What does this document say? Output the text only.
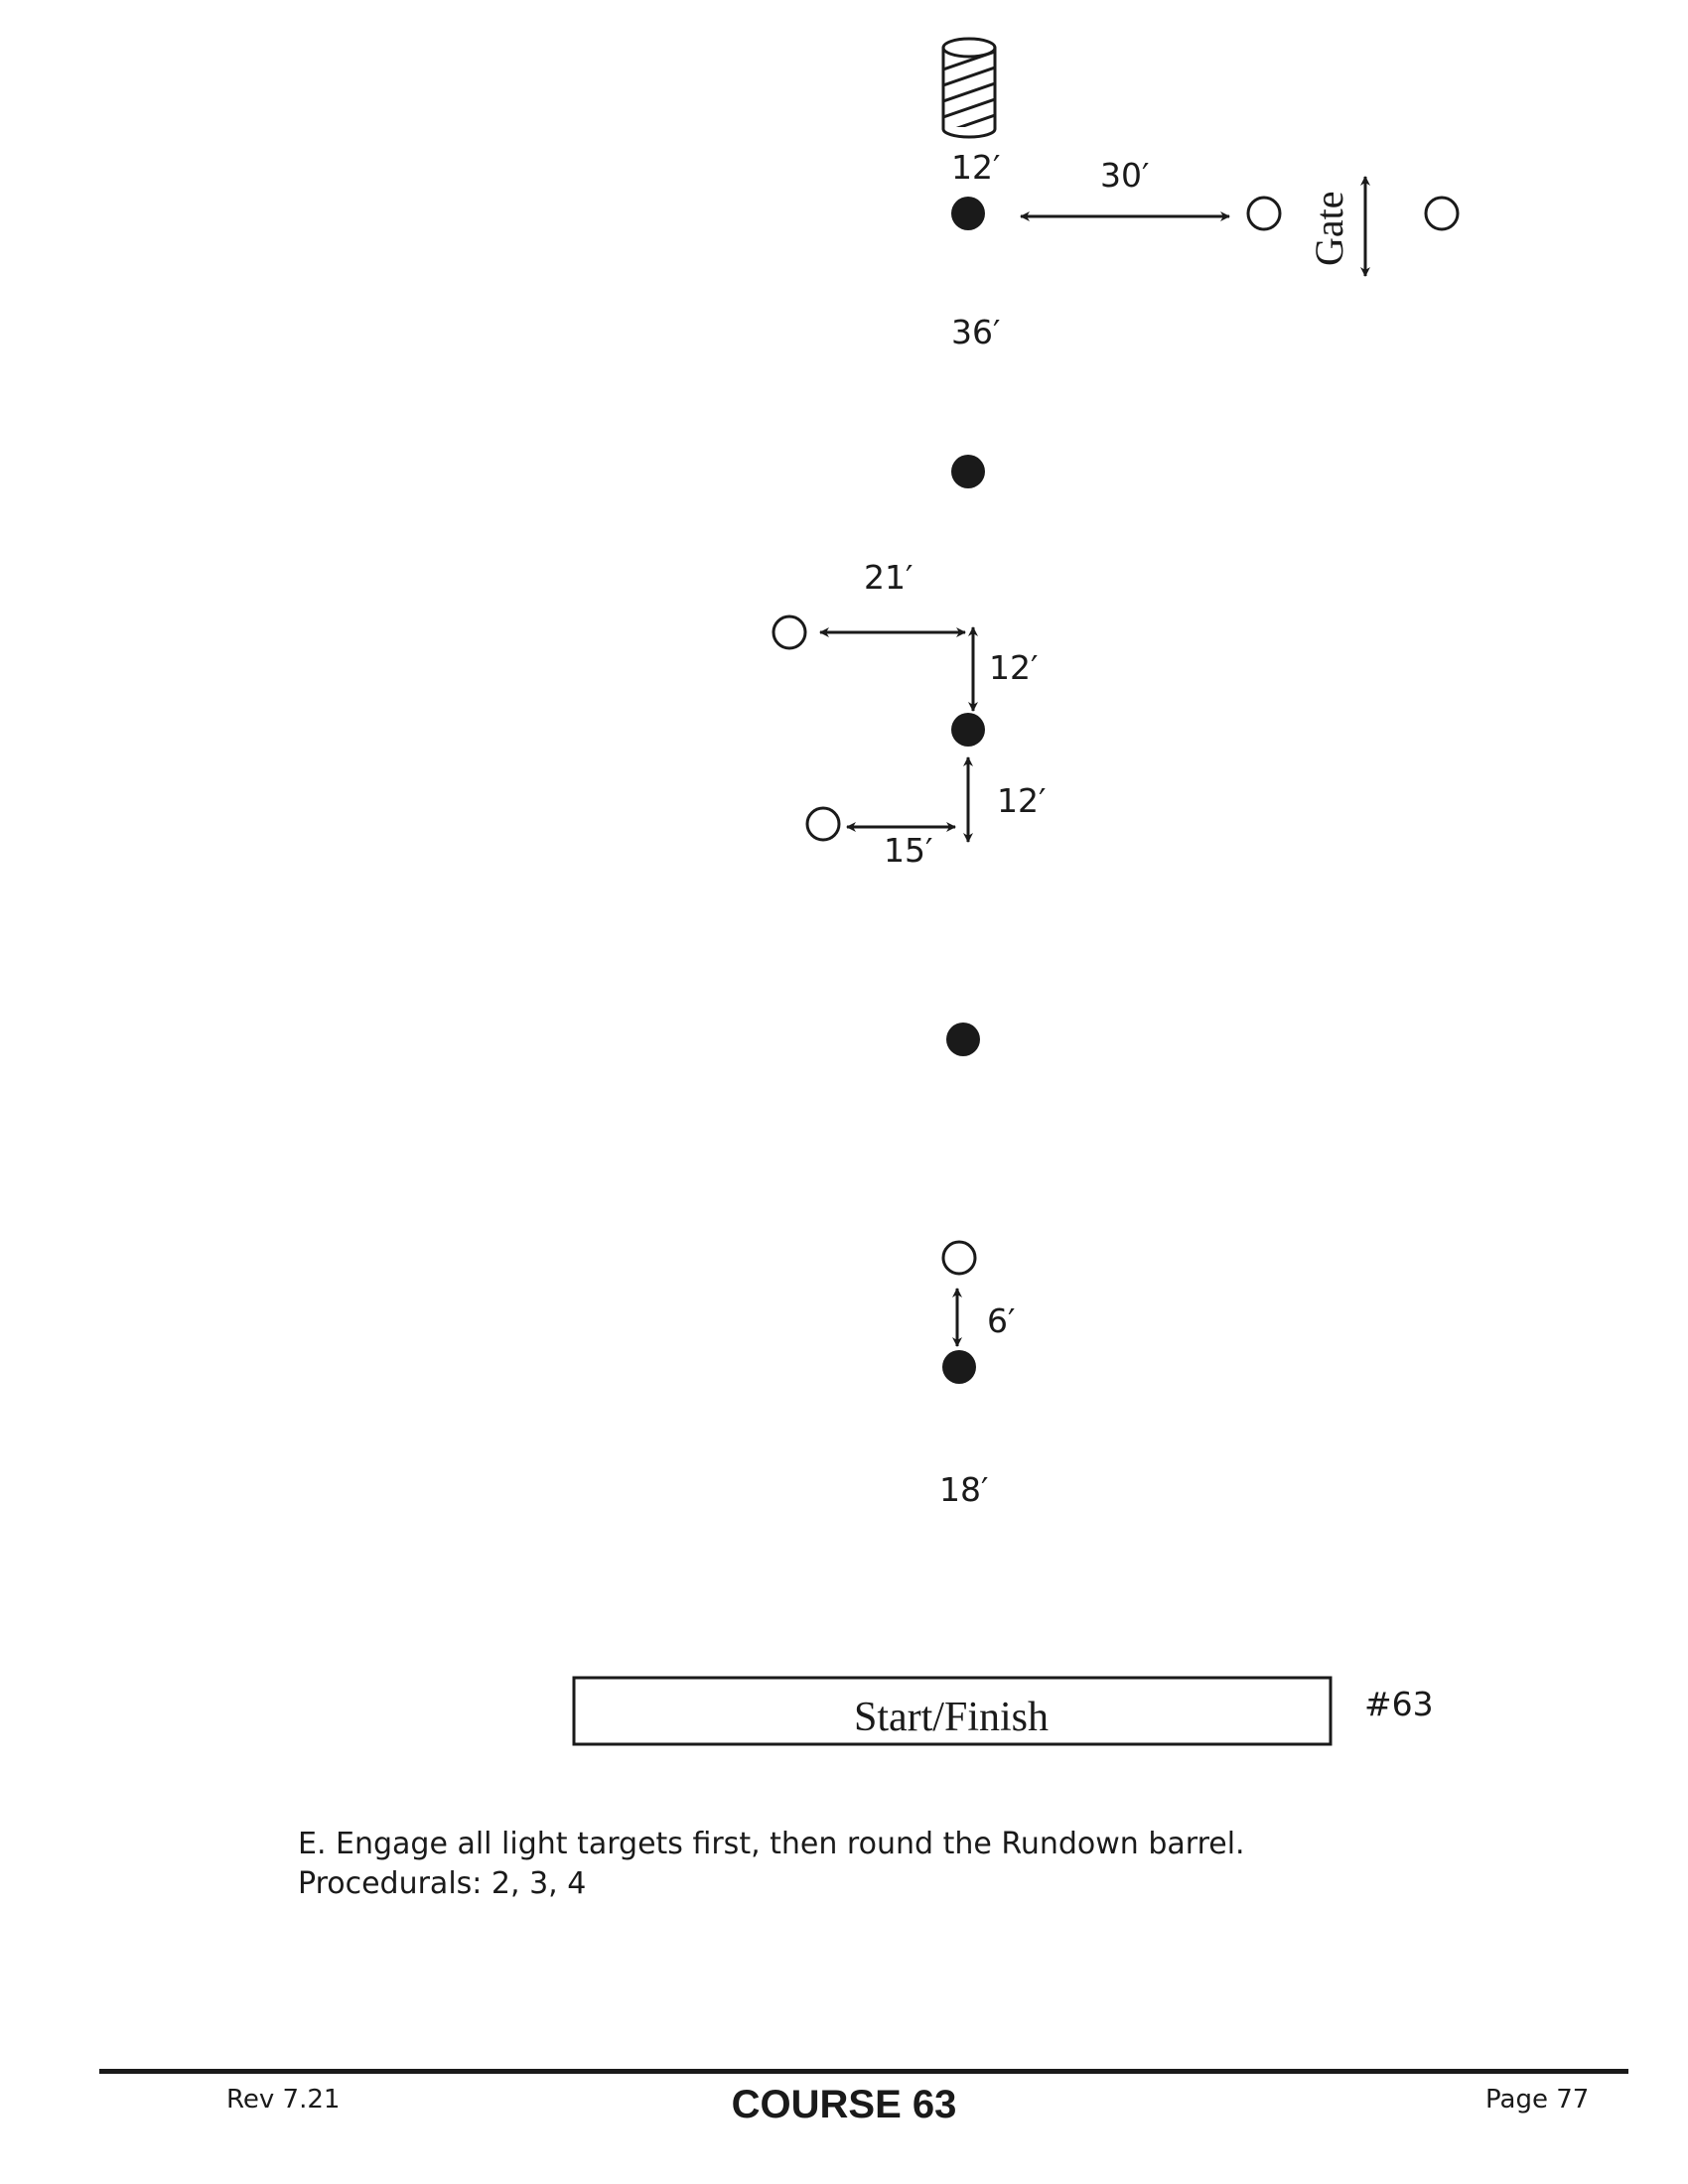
12′	30′
Gate
36′
21′
12′
12′
15′
6′
18′
Start/Finish	#63
E. Engage all light targets first, then round the Rundown barrel.
Procedurals: 2, 3, 4
Rev 7.21	COURSE 63	Page 77
